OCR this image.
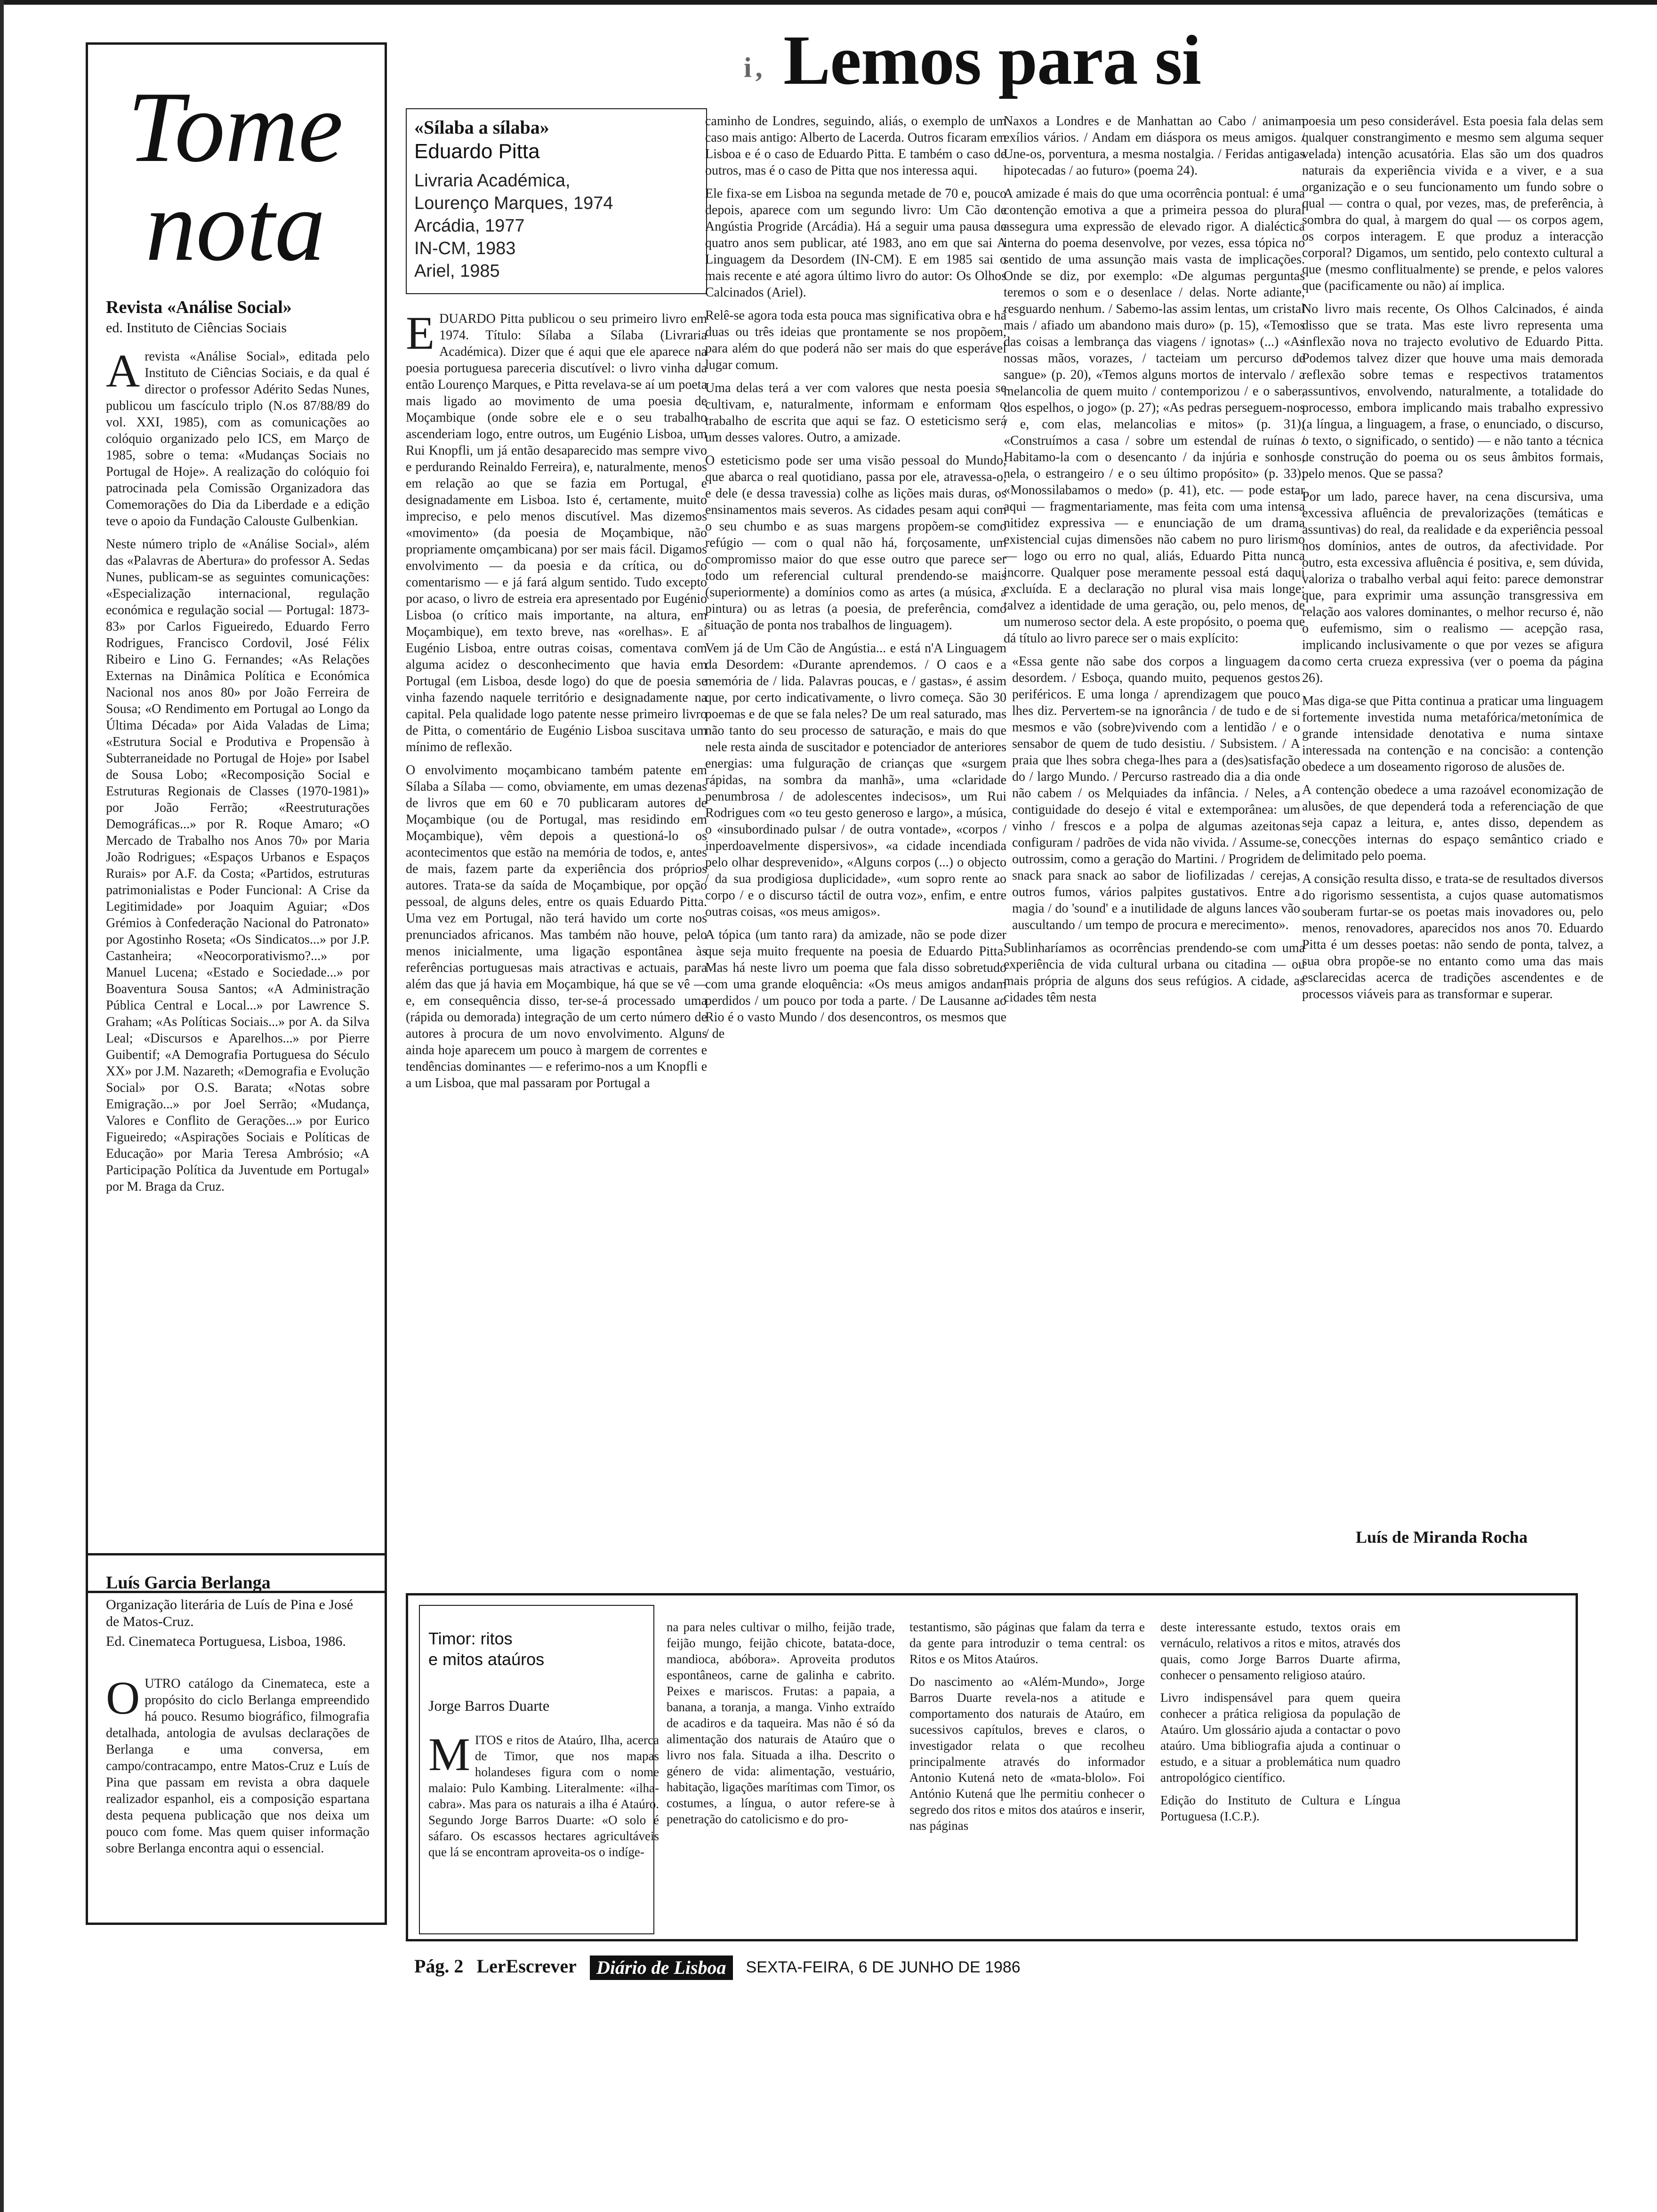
i, Lemos para si
Tome
nota
Revista «Análise Social»
ed. Instituto de Ciências Sociais

Arevista «Análise Social», editada pelo Instituto de Ciências Sociais, e da qual é director o professor Adérito Sedas Nunes, publicou um fascículo triplo (N.os 87/88/89 do vol. XXI, 1985), com as comunicações ao colóquio organizado pelo ICS, em Março de 1985, sobre o tema: «Mudanças Sociais no Portugal de Hoje». A realização do colóquio foi patrocinada pela Comissão Organizadora das Comemorações do Dia da Liberdade e a edição teve o apoio da Fundação Calouste Gulbenkian.

Neste número triplo de «Análise Social», além das «Palavras de Abertura» do professor A. Sedas Nunes, publicam-se as seguintes comunicações: «Especialização internacional, regulação económica e regulação social — Portugal: 1873-83» por Carlos Figueiredo, Eduardo Ferro Rodrigues, Francisco Cordovil, José Félix Ribeiro e Lino G. Fernandes; «As Relações Externas na Dinâmica Política e Económica Nacional nos anos 80» por João Ferreira de Sousa; «O Rendimento em Portugal ao Longo da Última Década» por Aida Valadas de Lima; «Estrutura Social e Produtiva e Propensão à Subterraneidade no Portugal de Hoje» por Isabel de Sousa Lobo; «Recomposição Social e Estruturas Regionais de Classes (1970-1981)» por João Ferrão; «Reestruturações Demográficas...» por R. Roque Amaro; «O Mercado de Trabalho nos Anos 70» por Maria João Rodrigues; «Espaços Urbanos e Espaços Rurais» por A.F. da Costa; «Partidos, estruturas patrimonialistas e Poder Funcional: A Crise da Legitimidade» por Joaquim Aguiar; «Dos Grémios à Confederação Nacional do Patronato» por Agostinho Roseta; «Os Sindicatos...» por J.P. Castanheira; «Neocorporativismo?...» por Manuel Lucena; «Estado e Sociedade...» por Boaventura Sousa Santos; «A Administração Pública Central e Local...» por Lawrence S. Graham; «As Políticas Sociais...» por A. da Silva Leal; «Discursos e Aparelhos...» por Pierre Guibentif; «A Demografia Portuguesa do Século XX» por J.M. Nazareth; «Demografia e Evolução Social» por O.S. Barata; «Notas sobre Emigração...» por Joel Serrão; «Mudança, Valores e Conflito de Gerações...» por Eurico Figueiredo; «Aspirações Sociais e Políticas de Educação» por Maria Teresa Ambrósio; «A Participação Política da Juventude em Portugal» por M. Braga da Cruz.

Luís Garcia Berlanga
Organização literária de Luís de Pina e José de Matos-Cruz.
Ed. Cinemateca Portuguesa, Lisboa, 1986.

OUTRO catálogo da Cinemateca, este a propósito do ciclo Berlanga empreendido há pouco. Resumo biográfico, filmografia detalhada, antologia de avulsas declarações de Berlanga e uma conversa, em campo/contracampo, entre Matos-Cruz e Luís de Pina que passam em revista a obra daquele realizador espanhol, eis a composição espartana desta pequena publicação que nos deixa um pouco com fome. Mas quem quiser informação sobre Berlanga encontra aqui o essencial.

«Sílaba a sílaba»
Eduardo Pitta
Livraria Académica,
Lourenço Marques, 1974
Arcádia, 1977
IN-CM, 1983
Ariel, 1985

EDUARDO Pitta publicou o seu primeiro livro em 1974. Título: Sílaba a Sílaba (Livraria Académica). Dizer que é aqui que ele aparece na poesia portuguesa pareceria discutível: o livro vinha da então Lourenço Marques, e Pitta revelava-se aí um poeta mais ligado ao movimento de uma poesia de Moçambique (onde sobre ele e o seu trabalho ascenderiam logo, entre outros, um Eugénio Lisboa, um Rui Knopfli, um já então desaparecido mas sempre vivo e perdurando Reinaldo Ferreira), e, naturalmente, menos em relação ao que se fazia em Portugal, e designadamente em Lisboa. Isto é, certamente, muito impreciso, e pelo menos discutível. Mas dizemos «movimento» (da poesia de Moçambique, não propriamente omçambicana) por ser mais fácil. Digamos envolvimento — da poesia e da crítica, ou do comentarismo — e já fará algum sentido. Tudo excepto por acaso, o livro de estreia era apresentado por Eugénio Lisboa (o crítico mais importante, na altura, em Moçambique), em texto breve, nas «orelhas». E aí Eugénio Lisboa, entre outras coisas, comentava com alguma acidez o desconhecimento que havia em Portugal (em Lisboa, desde logo) do que de poesia se vinha fazendo naquele território e designadamente na capital. Pela qualidade logo patente nesse primeiro livro de Pitta, o comentário de Eugénio Lisboa suscitava um mínimo de reflexão.

O envolvimento moçambicano também patente em Sílaba a Sílaba — como, obviamente, em umas dezenas de livros que em 60 e 70 publicaram autores de Moçambique (ou de Portugal, mas residindo em Moçambique), vêm depois a questioná-lo os acontecimentos que estão na memória de todos, e, antes de mais, fazem parte da experiência dos próprios autores. Trata-se da saída de Moçambique, por opção pessoal, de alguns deles, entre os quais Eduardo Pitta. Uma vez em Portugal, não terá havido um corte nos prenunciados africanos. Mas também não houve, pelo menos inicialmente, uma ligação espontânea às referências portuguesas mais atractivas e actuais, para além das que já havia em Moçambique, há que se vê — e, em consequência disso, ter-se-á processado uma (rápida ou demorada) integração de um certo número de autores à procura de um novo envolvimento. Alguns ainda hoje aparecem um pouco à margem de correntes e tendências dominantes — e referimo-nos a um Knopfli e a um Lisboa, que mal passaram por Portugal a

caminho de Londres, seguindo, aliás, o exemplo de um caso mais antigo: Alberto de Lacerda. Outros ficaram em Lisboa e é o caso de Eduardo Pitta. E também o caso de outros, mas é o caso de Pitta que nos interessa aqui.

Ele fixa-se em Lisboa na segunda metade de 70 e, pouco depois, aparece com um segundo livro: Um Cão de Angústia Progride (Arcádia). Há a seguir uma pausa de quatro anos sem publicar, até 1983, ano em que sai A Linguagem da Desordem (IN-CM). E em 1985 sai o mais recente e até agora último livro do autor: Os Olhos Calcinados (Ariel).

Relê-se agora toda esta pouca mas significativa obra e há duas ou três ideias que prontamente se nos propõem, para além do que poderá não ser mais do que esperável lugar comum.

Uma delas terá a ver com valores que nesta poesia se cultivam, e, naturalmente, informam e enformam o trabalho de escrita que aqui se faz. O esteticismo será um desses valores. Outro, a amizade.

O esteticismo pode ser uma visão pessoal do Mundo, que abarca o real quotidiano, passa por ele, atravessa-o, e dele (e dessa travessia) colhe as lições mais duras, os ensinamentos mais severos. As cidades pesam aqui com o seu chumbo e as suas margens propõem-se como refúgio — com o qual não há, forçosamente, um compromisso maior do que esse outro que parece ser todo um referencial cultural prendendo-se mais (superiormente) a domínios como as artes (a música, a pintura) ou as letras (a poesia, de preferência, como situação de ponta nos trabalhos de linguagem).

Vem já de Um Cão de Angústia... e está n'A Linguagem da Desordem: «Durante aprendemos. / O caos e a memória de / lida. Palavras poucas, e / gastas», é assim que, por certo indicativamente, o livro começa. São 30 poemas e de que se fala neles? De um real saturado, mas não tanto do seu processo de saturação, e mais do que nele resta ainda de suscitador e potenciador de anteriores energias: uma fulguração de crianças que «surgem rápidas, na sombra da manhã», uma «claridade penumbrosa / de adolescentes indecisos», um Rui Rodrigues com «o teu gesto generoso e largo», a música, o «insubordinado pulsar / de outra vontade», «corpos / inperdoavelmente dispersivos», «a cidade incendiada pelo olhar desprevenido», «Alguns corpos (...) o objecto / da sua prodigiosa duplicidade», «um sopro rente ao corpo / e o discurso táctil de outra voz», enfim, e entre outras coisas, «os meus amigos».

A tópica (um tanto rara) da amizade, não se pode dizer que seja muito frequente na poesia de Eduardo Pitta. Mas há neste livro um poema que fala disso sobretudo com uma grande eloquência: «Os meus amigos andam perdidos / um pouco por toda a parte. / De Lausanne ao Rio é o vasto Mundo / dos desencontros, os mesmos que / de

Naxos a Londres e de Manhattan ao Cabo / animam exílios vários. / Andam em diáspora os meus amigos. / Une-os, porventura, a mesma nostalgia. / Feridas antigas hipotecadas / ao futuro» (poema 24).

A amizade é mais do que uma ocorrência pontual: é uma contenção emotiva a que a primeira pessoa do plural assegura uma expressão de elevado rigor. A dialéctica interna do poema desenvolve, por vezes, essa tópica no sentido de uma assunção mais vasta de implicações. Onde se diz, por exemplo: «De algumas perguntas teremos o som e o desenlace / delas. Norte adiante, resguardo nenhum. / Sabemo-las assim lentas, um cristal mais / afiado um abandono mais duro» (p. 15), «Temos das coisas a lembrança das viagens / ignotas» (...) «As nossas mãos, vorazes, / tacteiam um percurso de sangue» (p. 20), «Temos alguns mortos de intervalo / a melancolia de quem muito / contemporizou / e o saber, dos espelhos, o jogo» (p. 27); «As pedras perseguem-nos / e, com elas, melancolias e mitos» (p. 31); «Construímos a casa / sobre um estendal de ruínas / Habitamo-la com o desencanto / da injúria e sonhos, nela, o estrangeiro / e o seu último propósito» (p. 33); «Monossilabamos o medo» (p. 41), etc. — pode estar aqui — fragmentariamente, mas feita com uma intensa nitidez expressiva — e enunciação de um drama existencial cujas dimensões não cabem no puro lirismo — logo ou erro no qual, aliás, Eduardo Pitta nunca incorre. Qualquer pose meramente pessoal está daqui excluída. E a declaração no plural visa mais longe: talvez a identidade de uma geração, ou, pelo menos, de um numeroso sector dela. A este propósito, o poema que dá título ao livro parece ser o mais explícito:

«Essa gente não sabe dos corpos a linguagem da desordem. / Esboça, quando muito, pequenos gestos periféricos. E uma longa / aprendizagem que pouco lhes diz. Pervertem-se na ignorância / de tudo e de si mesmos e vão (sobre)vivendo com a lentidão / e o sensabor de quem de tudo desistiu. / Subsistem. / A praia que lhes sobra chega-lhes para a (des)satisfação do / largo Mundo. / Percurso rastreado dia a dia onde não cabem / os Melquiades da infância. / Neles, a contiguidade do desejo é vital e extemporânea: um vinho / frescos e a polpa de algumas azeitonas configuram / padrões de vida não vivida. / Assume-se, outrossim, como a geração do Martini. / Progridem de snack para snack ao sabor de liofilizadas / cerejas, outros fumos, vários palpites gustativos. Entre a magia / do 'sound' e a inutilidade de alguns lances vão auscultando / um tempo de procura e merecimento».

Sublinharíamos as ocorrências prendendo-se com uma experiência de vida cultural urbana ou citadina — ou mais própria de alguns dos seus refúgios. A cidade, as cidades têm nesta

poesia um peso considerável. Esta poesia fala delas sem qualquer constrangimento e mesmo sem alguma sequer velada) intenção acusatória. Elas são um dos quadros naturais da experiência vivida e a viver, e a sua organização e o seu funcionamento um fundo sobre o qual — contra o qual, por vezes, mas, de preferência, à sombra do qual, à margem do qual — os corpos agem, os corpos interagem. E que produz a interacção corporal? Digamos, um sentido, pelo contexto cultural a que (mesmo conflitualmente) se prende, e pelos valores que (pacificamente ou não) aí implica.

No livro mais recente, Os Olhos Calcinados, é ainda disso que se trata. Mas este livro representa uma inflexão nova no trajecto evolutivo de Eduardo Pitta. Podemos talvez dizer que houve uma mais demorada reflexão sobre temas e respectivos tratamentos assuntivos, envolvendo, naturalmente, a totalidade do processo, embora implicando mais trabalho expressivo (a língua, a linguagem, a frase, o enunciado, o discurso, o texto, o significado, o sentido) — e não tanto a técnica de construção do poema ou os seus âmbitos formais, pelo menos. Que se passa?

Por um lado, parece haver, na cena discursiva, uma excessiva afluência de prevalorizações (temáticas e assuntivas) do real, da realidade e da experiência pessoal nos domínios, antes de outros, da afectividade. Por outro, esta excessiva afluência é positiva, e, sem dúvida, valoriza o trabalho verbal aqui feito: parece demonstrar que, para exprimir uma assunção transgressiva em relação aos valores dominantes, o melhor recurso é, não o eufemismo, sim o realismo — acepção rasa, implicando inclusivamente o que por vezes se afigura como certa crueza expressiva (ver o poema da página 26).

Mas diga-se que Pitta continua a praticar uma linguagem fortemente investida numa metafórica/metonímica de grande intensidade denotativa e numa sintaxe interessada na contenção e na concisão: a contenção obedece a um doseamento rigoroso de alusões de.

A contenção obedece a uma razoável economização de alusões, de que dependerá toda a referenciação de que seja capaz a leitura, e, antes disso, dependem as conecções internas do espaço semântico criado e delimitado pelo poema.

A consição resulta disso, e trata-se de resultados diversos do rigorismo sessentista, a cujos quase automatismos souberam furtar-se os poetas mais inovadores ou, pelo menos, renovadores, aparecidos nos anos 70. Eduardo Pitta é um desses poetas: não sendo de ponta, talvez, a sua obra propõe-se no entanto como uma das mais esclarecidas acerca de tradições ascendentes e de processos viáveis para as transformar e superar.

Luís de Miranda Rocha
Timor: ritos
e mitos ataúros
Jorge Barros Duarte

MITOS e ritos de Ataúro, Ilha, acerca de Timor, que nos mapas holandeses figura com o nome malaio: Pulo Kambing. Literalmente: «ilha-cabra». Mas para os naturais a ilha é Ataúro. Segundo Jorge Barros Duarte: «O solo é sáfaro. Os escassos hectares agricultáveis que lá se encontram aproveita-os o indíge-

na para neles cultivar o milho, feijão trade, feijão mungo, feijão chicote, batata-doce, mandioca, abóbora». Aproveita produtos espontâneos, carne de galinha e cabrito. Peixes e mariscos. Frutas: a papaia, a banana, a toranja, a manga. Vinho extraído de acadiros e da taqueira. Mas não é só da alimentação dos naturais de Ataúro que o livro nos fala. Situada a ilha. Descrito o género de vida: alimentação, vestuário, habitação, ligações marítimas com Timor, os costumes, a língua, o autor refere-se à penetração do catolicismo e do pro-

testantismo, são páginas que falam da terra e da gente para introduzir o tema central: os Ritos e os Mitos Ataúros.

Do nascimento ao «Além-Mundo», Jorge Barros Duarte revela-nos a atitude e comportamento dos naturais de Ataúro, em sucessivos capítulos, breves e claros, o investigador relata o que recolheu principalmente através do informador Antonio Kutená neto de «mata-blolo». Foi António Kutená que lhe permitiu conhecer o segredo dos ritos e mitos dos ataúros e inserir, nas páginas

deste interessante estudo, textos orais em vernáculo, relativos a ritos e mitos, através dos quais, como Jorge Barros Duarte afirma, conhecer o pensamento religioso ataúro.

Livro indispensável para quem queira conhecer a prática religiosa da população de Ataúro. Um glossário ajuda a contactar o povo ataúro. Uma bibliografia ajuda a continuar o estudo, e a situar a problemática num quadro antropológico científico.

Edição do Instituto de Cultura e Língua Portuguesa (I.C.P.).

Pág. 2 LerEscrever Diário de Lisboa SEXTA-FEIRA, 6 DE JUNHO DE 1986
